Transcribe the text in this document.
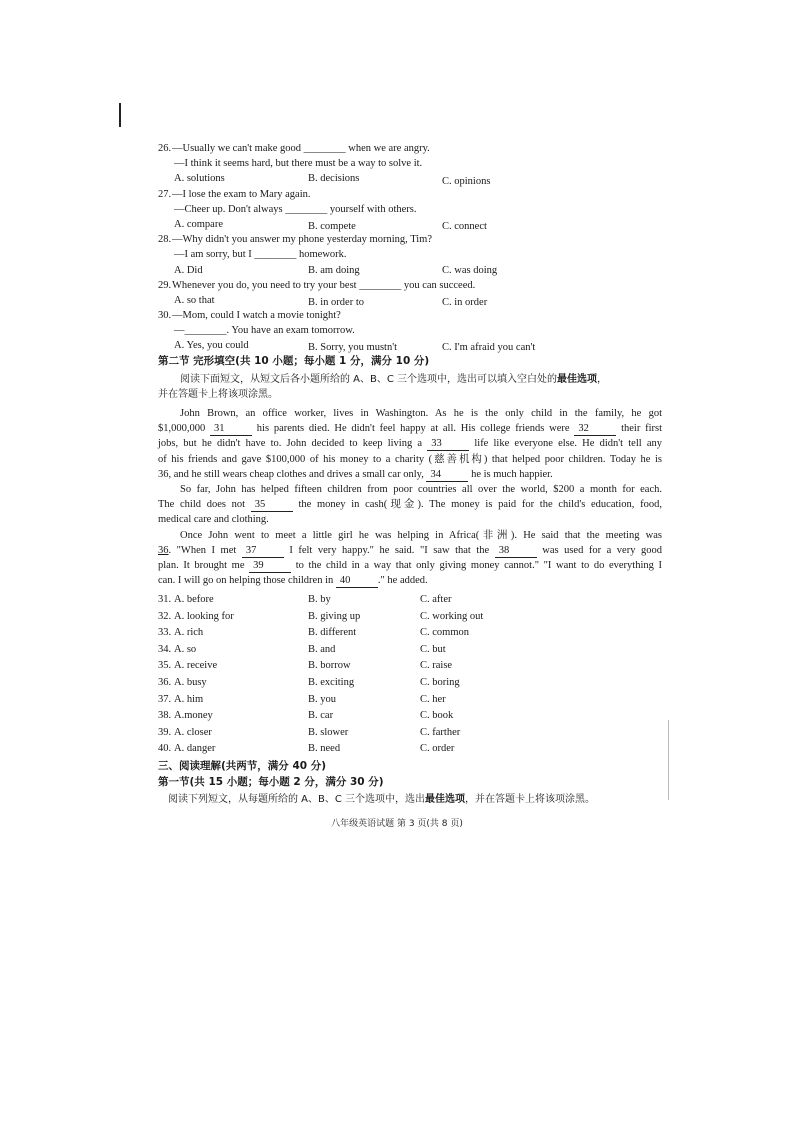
26. —Usually we can't make good ________ when we are angry.
—I think it seems hard, but there must be a way to solve it.
A. solutions	B. decisions	C. opinions
27. —I lose the exam to Mary again.
—Cheer up. Don't always ________ yourself with others.
A. compare	B. compete	C. connect
28. —Why didn't you answer my phone yesterday morning, Tim?
—I am sorry, but I ________ homework.
A. Did	B. am doing	C. was doing
29. Whenever you do, you need to try your best ________ you can succeed.
A. so that	B. in order to	C. in order
30. —Mom, could I watch a movie tonight?
—________. You have an exam tomorrow.
A. Yes, you could	B. Sorry, you mustn't	C. I'm afraid you can't
第二节 完形填空(共 10 小题；每小题 1 分，满分 10 分)
阅读下面短文，从短文后各小题所给的 A、B、C 三个选项中，选出可以填入空白处的最佳选项，
并在答题卡上将该项涂黑。
John Brown, an office worker, lives in Washington. As he is the only child in the family, he got
$1,000,000 31	his parents died. He didn't feel happy at all. His college friends were 32	their first
jobs, but he didn't have to. John decided to keep living a 33	life like everyone else. He didn't tell any
of his friends and gave $100,000 of his money to a charity (慈善机构) that helped poor children. Today he is
36, and he still wears cheap clothes and drives a small car only, 34	he is much happier.
So far, John has helped fifteen children from poor countries all over the world, $200 a month for each.
The child does not 35	the money in cash(现金). The money is paid for the child's education, food,
medical care and clothing.
Once John went to meet a little girl he was helping in Africa(非洲). He said that the meeting was
36. "When I met 37	I felt very happy." he said. "I saw that the 38	was used for a very good
plan. It brought me 39	to the child in a way that only giving money cannot." "I want to do everything I
can. I will go on helping those children in 40	." he added.
31. A. before	B. by	C. after
32. A. looking for	B. giving up	C. working out
33. A. rich	B. different	C. common
34. A. so	B. and	C. but
35. A. receive	B. borrow	C. raise
36. A. busy	B. exciting	C. boring
37. A. him	B. you	C. her
38. A.money	B. car	C. book
39. A. closer	B. slower	C. farther
40. A. danger	B. need	C. order
三、阅读理解(共两节，满分 40 分)
第一节(共 15 小题；每小题 2 分，满分 30 分)
阅读下列短文，从每题所给的 A、B、C 三个选项中，选出最佳选项，并在答题卡上将该项涂黑。
八年级英语试题 第 3 页(共 8 页)
